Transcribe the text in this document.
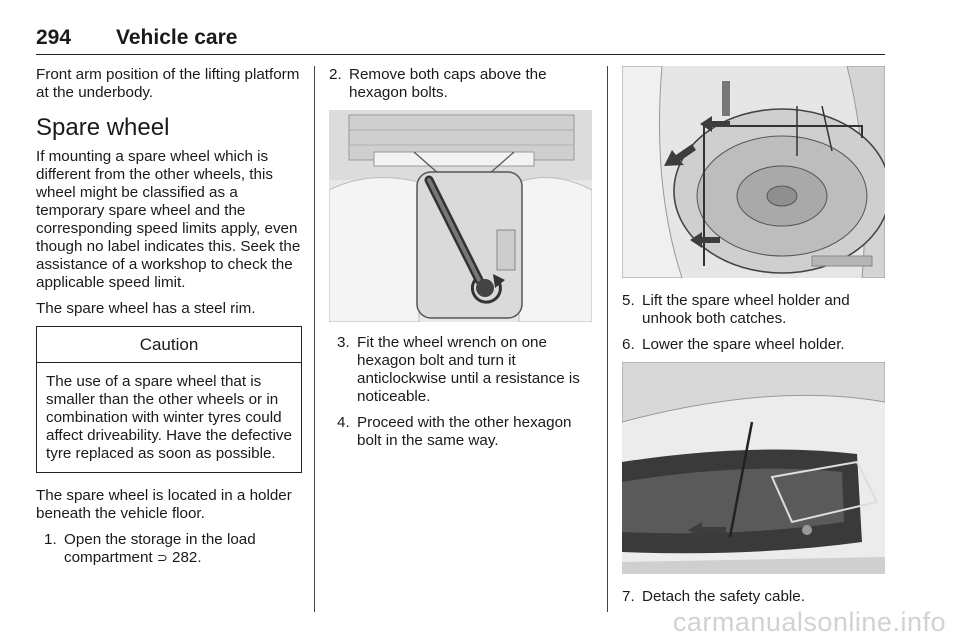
294 Vehicle care

Front arm position of the lifting platform at the underbody.

Spare wheel

If mounting a spare wheel which is different from the other wheels, this wheel might be classified as a temporary spare wheel and the corresponding speed limits apply, even though no label indicates this. Seek the assistance of a workshop to check the applicable speed limit.

The spare wheel has a steel rim.

Caution
The use of a spare wheel that is smaller than the other wheels or in combination with winter tyres could affect driveability. Have the defective tyre replaced as soon as possible.

The spare wheel is located in a holder beneath the vehicle floor.

1. Open the storage in the load compartment ⊃ 282.
2. Remove both caps above the hexagon bolts.
3. Fit the wheel wrench on one hexagon bolt and turn it anticlockwise until a resistance is noticeable.
4. Proceed with the other hexagon bolt in the same way.
5. Lift the spare wheel holder and unhook both catches.
6. Lower the spare wheel holder.
7. Detach the safety cable.
carmanualsonline.info
